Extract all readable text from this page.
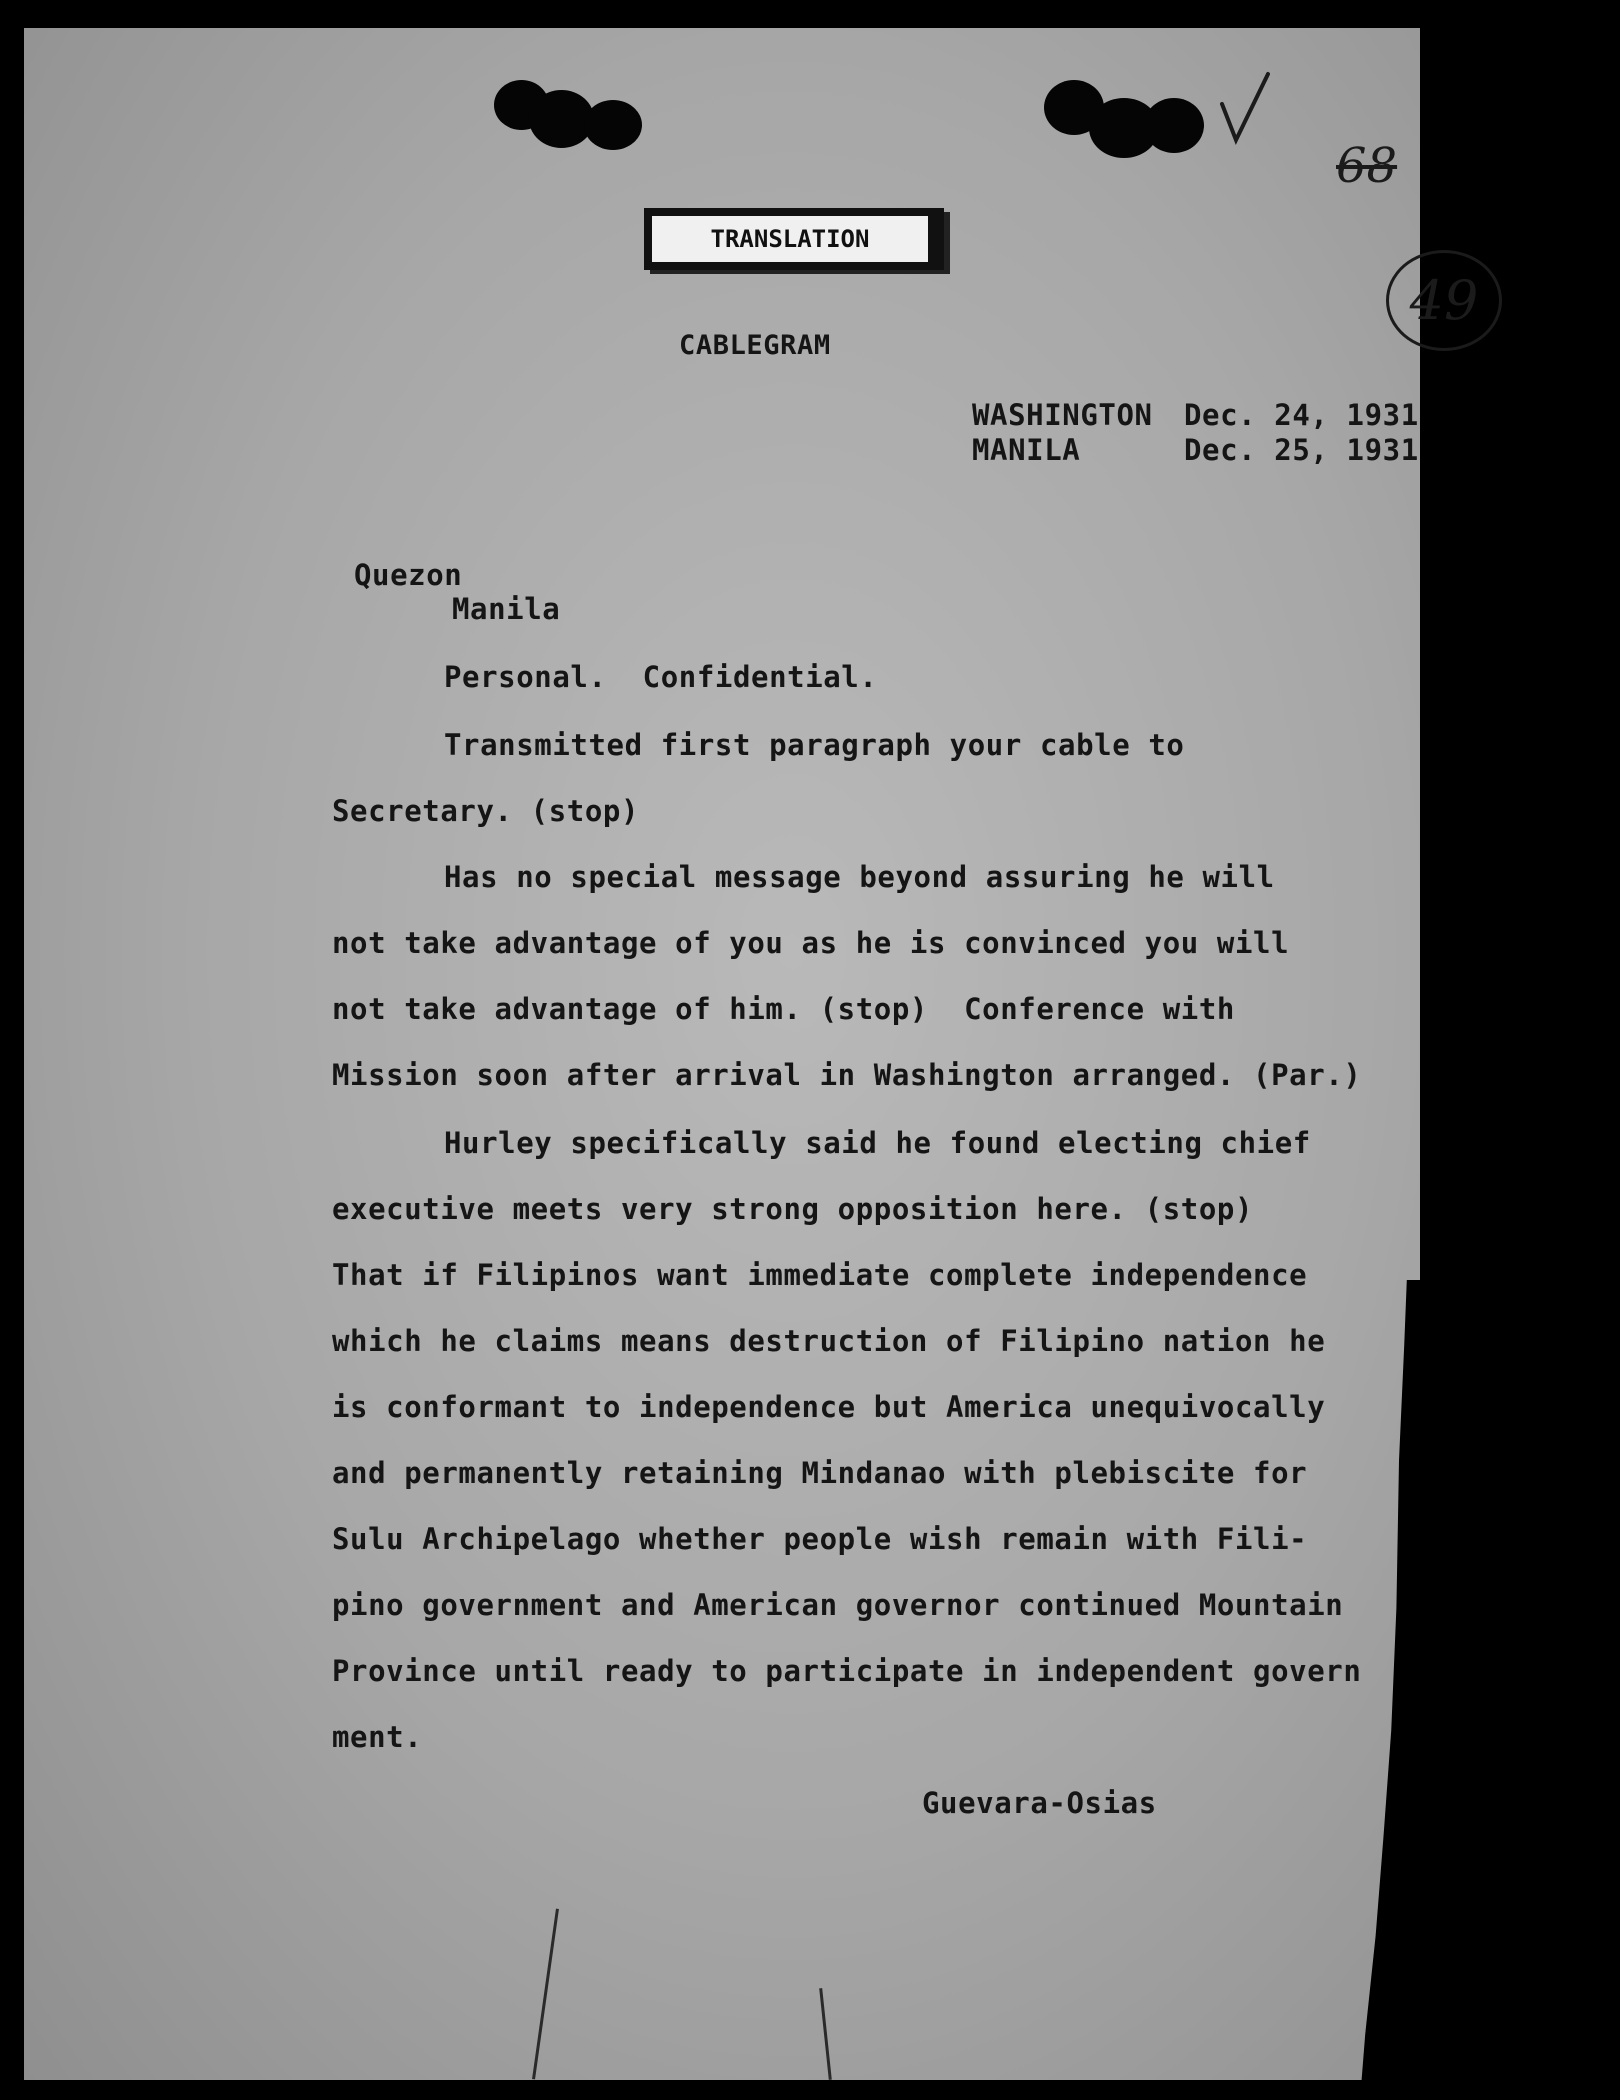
68
49
TRANSLATION
CABLEGRAM
WASHINGTON Dec. 24, 1931
MANILA	Dec. 25, 1931
Quezon
Manila
Personal.  Confidential.
Transmitted first paragraph your cable to
Secretary. (stop)
Has no special message beyond assuring he will
not take advantage of you as he is convinced you will
not take advantage of him. (stop)  Conference with
Mission soon after arrival in Washington arranged. (Par.)
Hurley specifically said he found electing chief
executive meets very strong opposition here. (stop)
That if Filipinos want immediate complete independence
which he claims means destruction of Filipino nation he
is conformant to independence but America unequivocally
and permanently retaining Mindanao with plebiscite for
Sulu Archipelago whether people wish remain with Fili-
pino government and American governor continued Mountain
Province until ready to participate in independent govern
ment.
Guevara-Osias
